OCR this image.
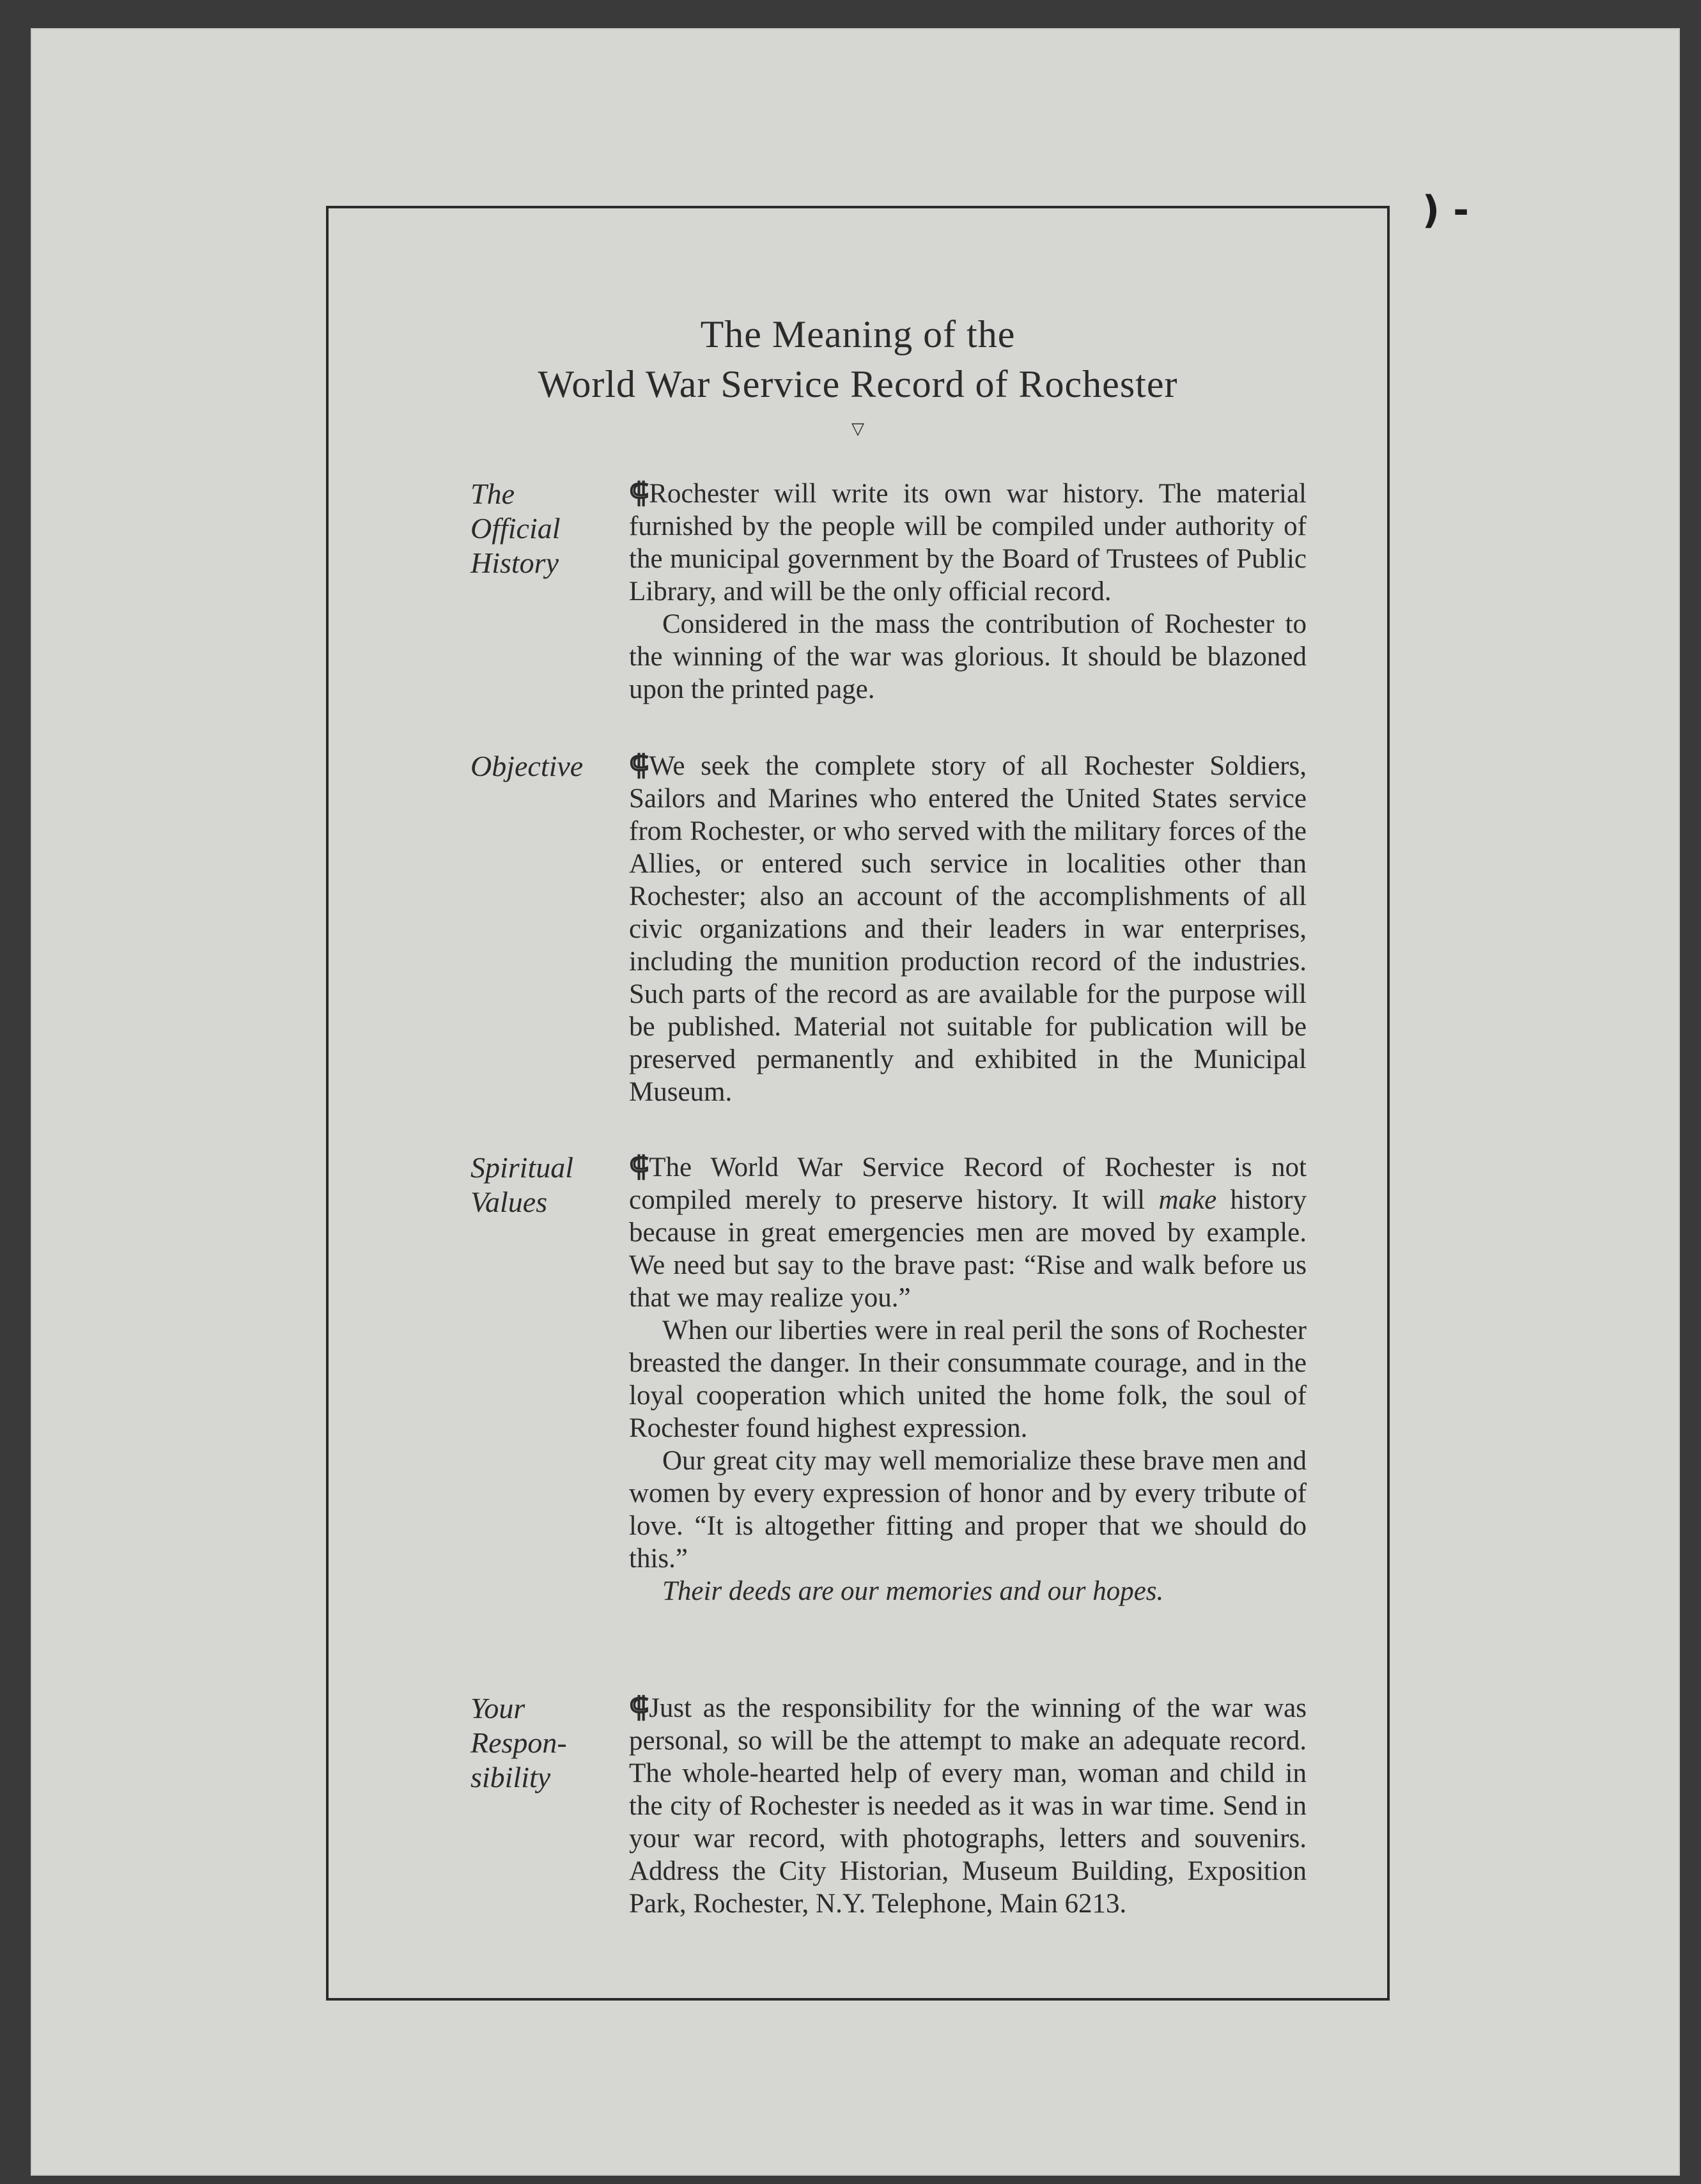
) -
The Meaning of the
World War Service Record of Rochester
▽
The
Official
History

⸿Rochester will write its own war history. The material furnished by the people will be compiled under authority of the municipal government by the Board of Trustees of Public Library, and will be the only official record.

Considered in the mass the contribution of Rochester to the winning of the war was glorious. It should be blazoned upon the printed page.

Objective	⸿We seek the complete story of all Rochester Soldiers, Sailors and Marines who entered the United States service from Rochester, or who served with the military forces of the Allies, or entered such service in localities other than Rochester; also an account of the accomplishments of all civic organizations and their leaders in war enterprises, including the munition production record of the industries. Such parts of the record as are available for the purpose will be published. Material not suitable for publication will be preserved permanently and exhibited in the Municipal Museum.

Spiritual
Values

⸿The World War Service Record of Rochester is not compiled merely to preserve history. It will make history because in great emergencies men are moved by example. We need but say to the brave past: “Rise and walk before us that we may realize you.”

When our liberties were in real peril the sons of Rochester breasted the danger. In their consummate courage, and in the loyal cooperation which united the home folk, the soul of Rochester found highest expression.

Our great city may well memorialize these brave men and women by every expression of honor and by every tribute of love. “It is altogether fitting and proper that we should do this.”

Their deeds are our memories and our hopes.

Your
Respon-
sibility

⸿Just as the responsibility for the winning of the war was personal, so will be the attempt to make an adequate record. The whole-hearted help of every man, woman and child in the city of Rochester is needed as it was in war time. Send in your war record, with photographs, letters and souvenirs. Address the City Historian, Museum Building, Exposition Park, Rochester, N.Y. Telephone, Main 6213.
